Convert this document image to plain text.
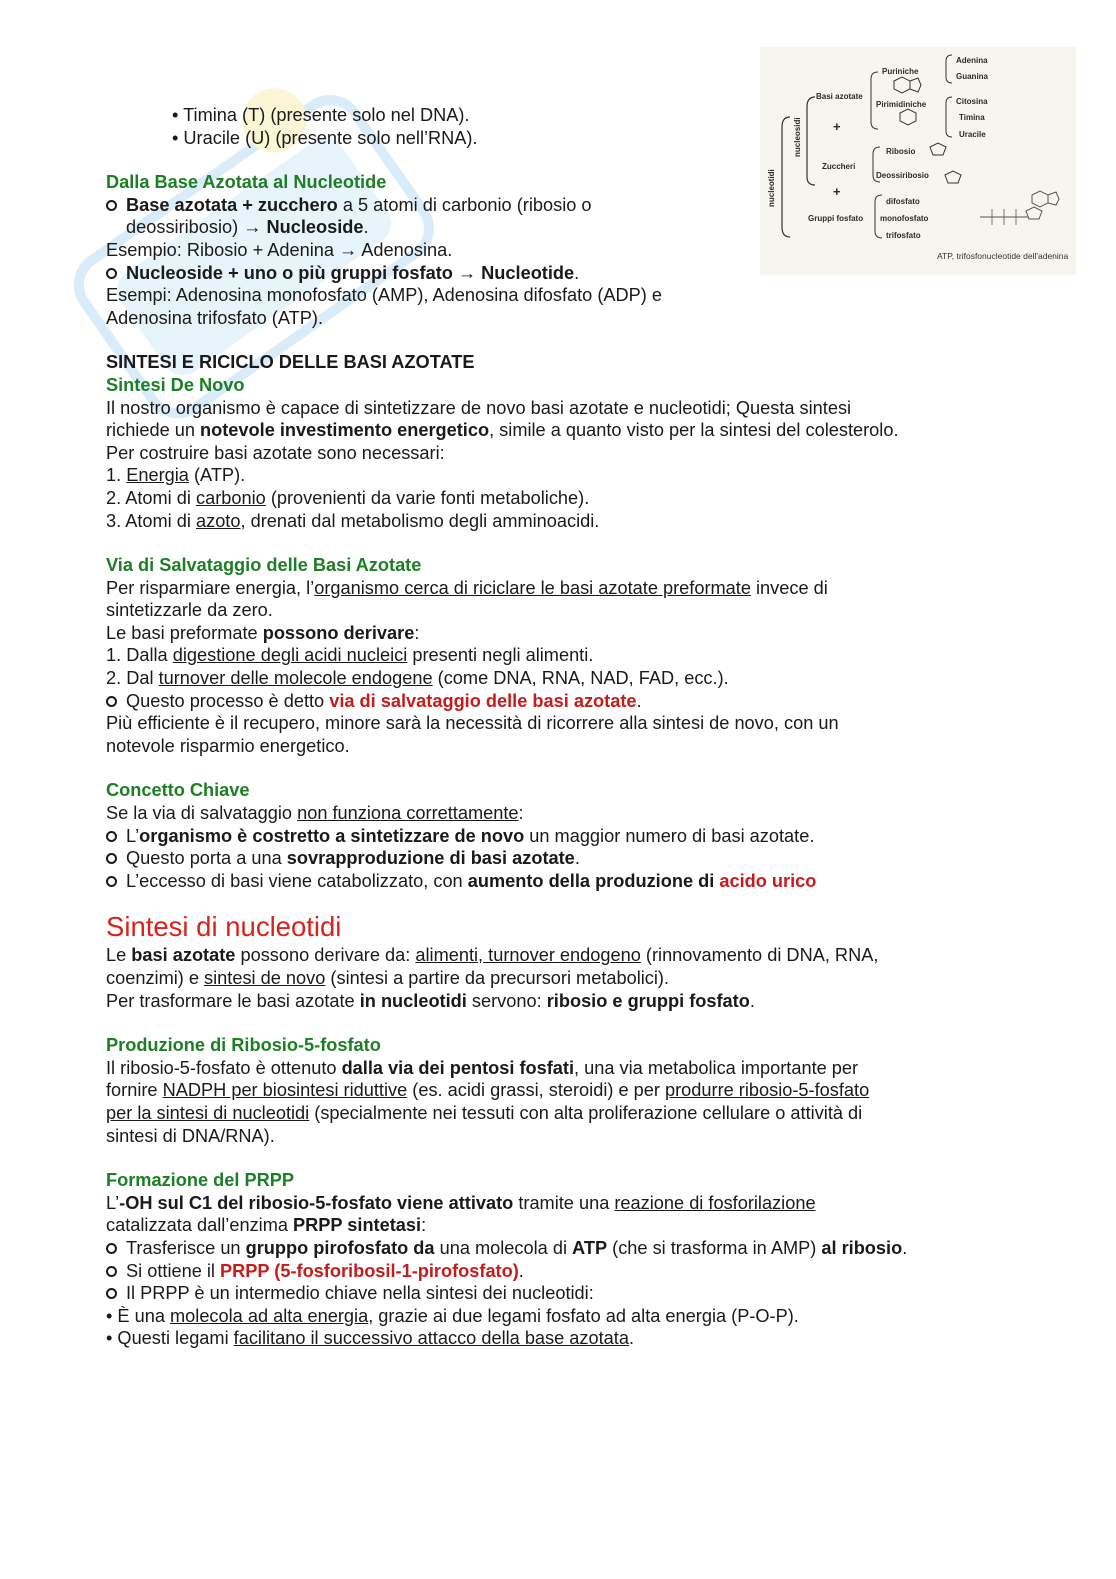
nucleotidi
nucleosidi
Basi azotate
+
Zuccheri
+
Gruppi fosfato
Puriniche
Pirimidiniche
Adenina
Guanina
Citosina
Timina
Uracile
Ribosio
Deossiribosio
difosfato
monofosfato
trifosfato
ATP, trifosfonucleotide dell'adenina
• Timina (T) (presente solo nel DNA).
• Uracile (U) (presente solo nell’RNA).
Dalla Base Azotata al Nucleotide
Base azotata + zucchero a 5 atomi di carbonio (ribosio o
deossiribosio) → Nucleoside.
Esempio: Ribosio + Adenina → Adenosina.
Nucleoside + uno o più gruppi fosfato → Nucleotide.
Esempi: Adenosina monofosfato (AMP), Adenosina difosfato (ADP) e
Adenosina trifosfato (ATP).
SINTESI E RICICLO DELLE BASI AZOTATE
Sintesi De Novo
Il nostro organismo è capace di sintetizzare de novo basi azotate e nucleotidi; Questa sintesi
richiede un notevole investimento energetico, simile a quanto visto per la sintesi del colesterolo.
Per costruire basi azotate sono necessari:
1. Energia (ATP).
2. Atomi di carbonio (provenienti da varie fonti metaboliche).
3. Atomi di azoto, drenati dal metabolismo degli amminoacidi.
Via di Salvataggio delle Basi Azotate
Per risparmiare energia, l’organismo cerca di riciclare le basi azotate preformate invece di
sintetizzarle da zero.
Le basi preformate possono derivare:
1. Dalla digestione degli acidi nucleici presenti negli alimenti.
2. Dal turnover delle molecole endogene (come DNA, RNA, NAD, FAD, ecc.).
Questo processo è detto via di salvataggio delle basi azotate.
Più efficiente è il recupero, minore sarà la necessità di ricorrere alla sintesi de novo, con un
notevole risparmio energetico.
Concetto Chiave
Se la via di salvataggio non funziona correttamente:
L’organismo è costretto a sintetizzare de novo un maggior numero di basi azotate.
Questo porta a una sovrapproduzione di basi azotate.
L’eccesso di basi viene catabolizzato, con aumento della produzione di acido urico
Sintesi di nucleotidi
Le basi azotate possono derivare da: alimenti, turnover endogeno (rinnovamento di DNA, RNA,
coenzimi) e sintesi de novo (sintesi a partire da precursori metabolici).
Per trasformare le basi azotate in nucleotidi servono: ribosio e gruppi fosfato.
Produzione di Ribosio-5-fosfato
Il ribosio-5-fosfato è ottenuto dalla via dei pentosi fosfati, una via metabolica importante per
fornire NADPH per biosintesi riduttive (es. acidi grassi, steroidi) e per produrre ribosio-5-fosfato
per la sintesi di nucleotidi (specialmente nei tessuti con alta proliferazione cellulare o attività di
sintesi di DNA/RNA).
Formazione del PRPP
L’-OH sul C1 del ribosio-5-fosfato viene attivato tramite una reazione di fosforilazione
catalizzata dall’enzima PRPP sintetasi:
Trasferisce un gruppo pirofosfato da una molecola di ATP (che si trasforma in AMP) al ribosio.
Si ottiene il PRPP (5-fosforibosil-1-pirofosfato).
Il PRPP è un intermedio chiave nella sintesi dei nucleotidi:
• È una molecola ad alta energia, grazie ai due legami fosfato ad alta energia (P-O-P).
• Questi legami facilitano il successivo attacco della base azotata.
